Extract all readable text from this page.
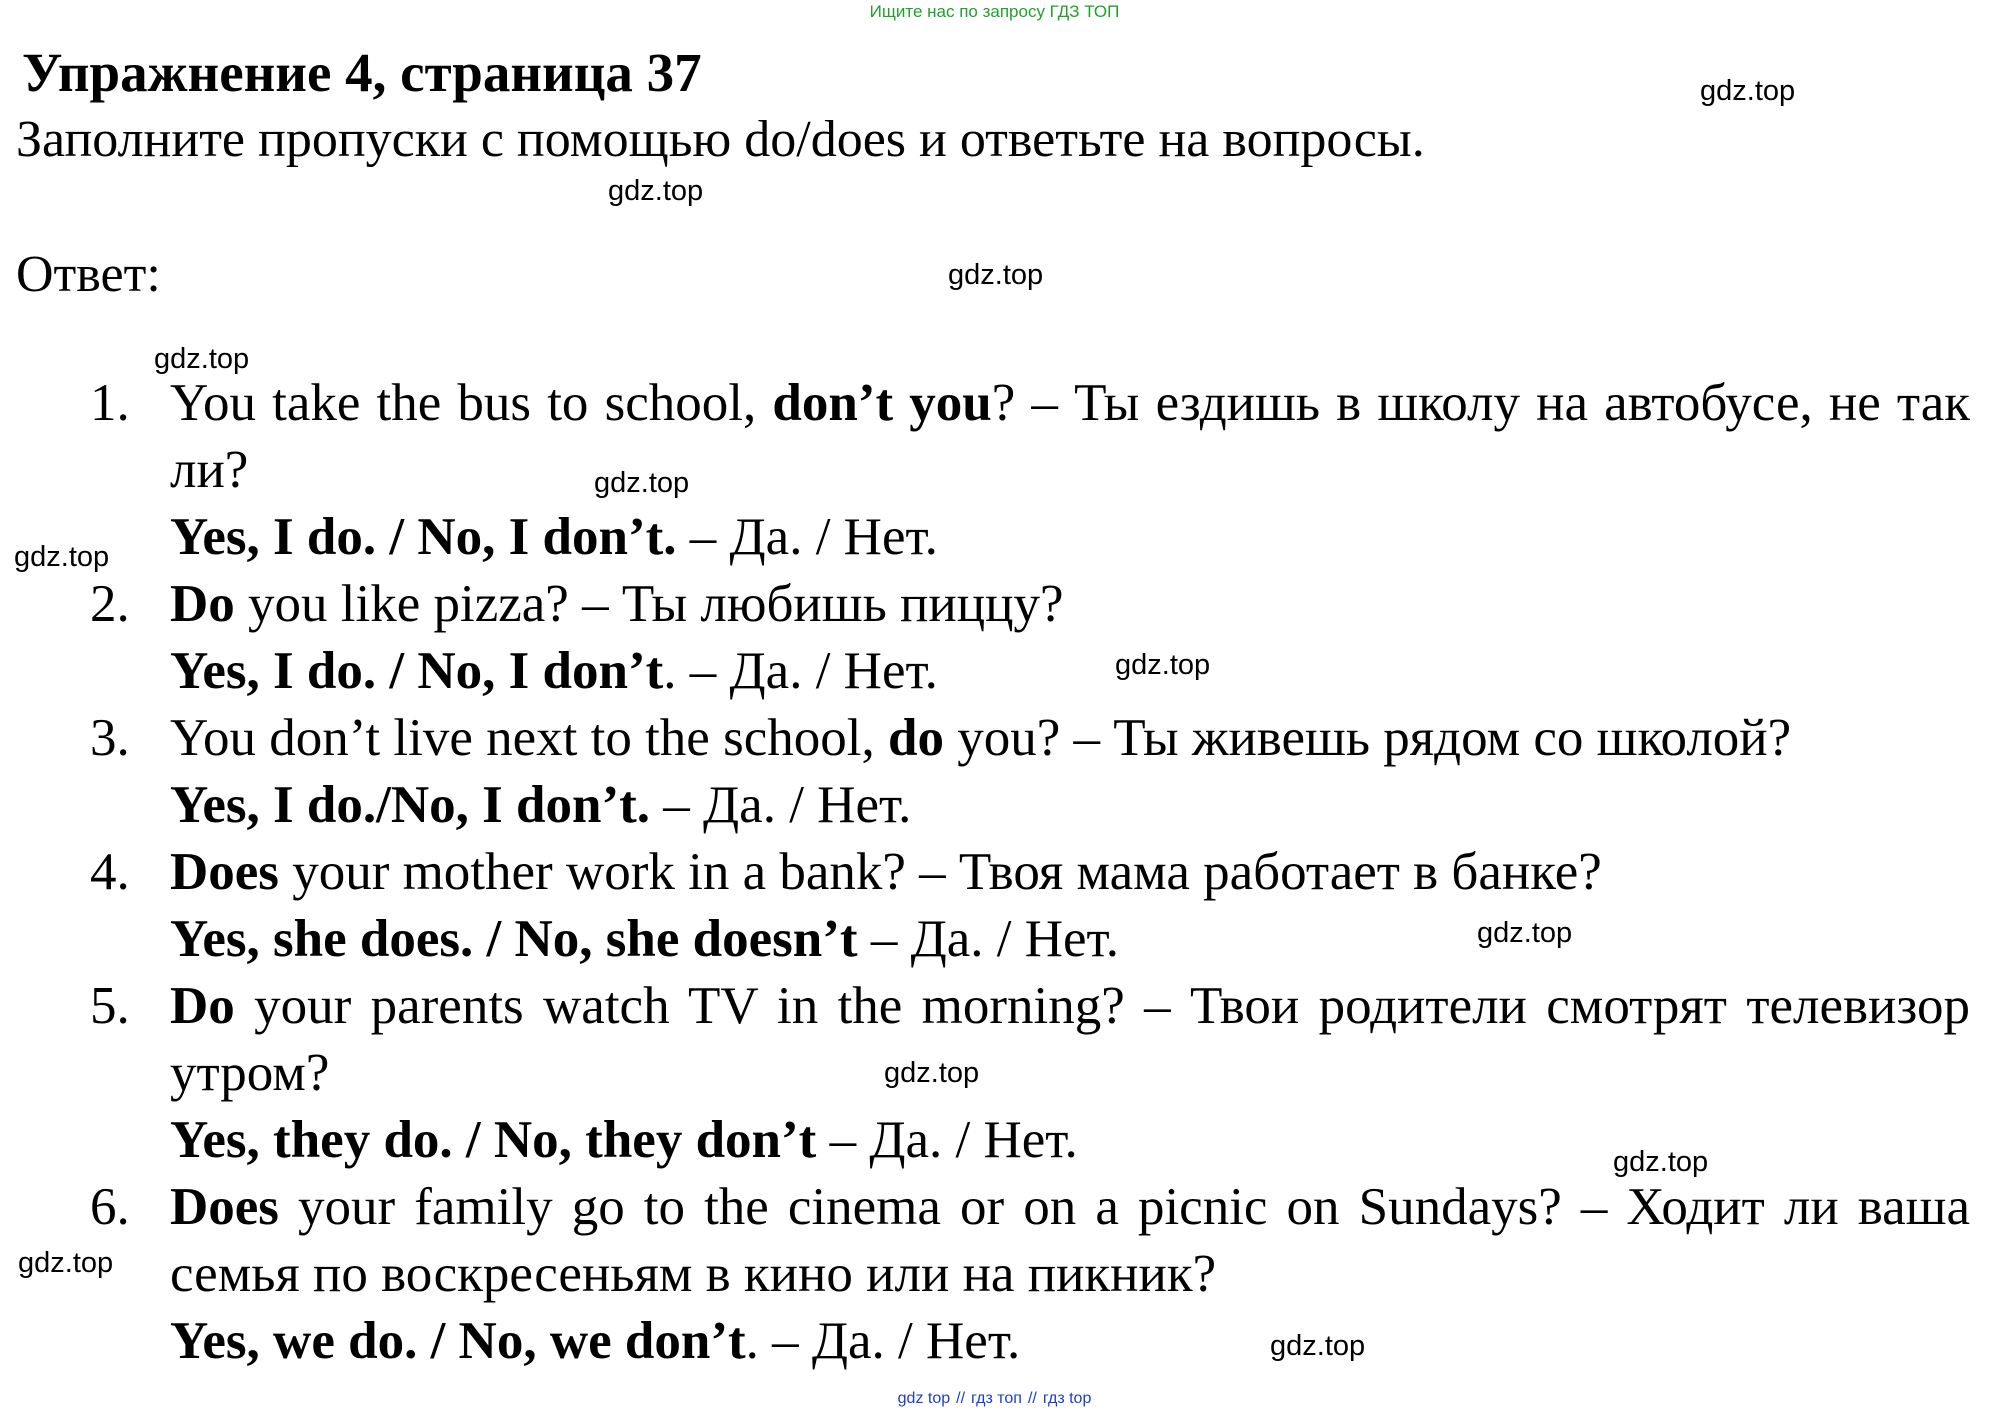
Ищите нас по запросу ГДЗ ТОП
Упражнение 4, страница 37
Заполните пропуски с помощью do/does и ответьте на вопросы.
Ответ:
1. You take the bus to school, don’t you? – Ты ездишь в школу на автобусе, не так ли?
Yes, I do. / No, I don’t. – Да. / Нет.
2. Do you like pizza? – Ты любишь пиццу?
Yes, I do. / No, I don’t. – Да. / Нет.
3. You don’t live next to the school, do you? – Ты живешь рядом со школой?
Yes, I do./No, I don’t. – Да. / Нет.
4. Does your mother work in a bank? – Твоя мама работает в банке?
Yes, she does. / No, she doesn’t – Да. / Нет.
5. Do your parents watch TV in the morning? – Твои родители смотрят телевизор утром?
Yes, they do. / No, they don’t – Да. / Нет.
6. Does your family go to the cinema or on a picnic on Sundays? – Ходит ли ваша семья по воскресеньям в кино или на пикник?
Yes, we do. / No, we don’t. – Да. / Нет.
gdz.top
gdz.top
gdz.top
gdz.top
gdz.top
gdz.top
gdz.top
gdz.top
gdz.top
gdz.top
gdz.top
gdz.top
gdz top // гдз топ // гдз top
